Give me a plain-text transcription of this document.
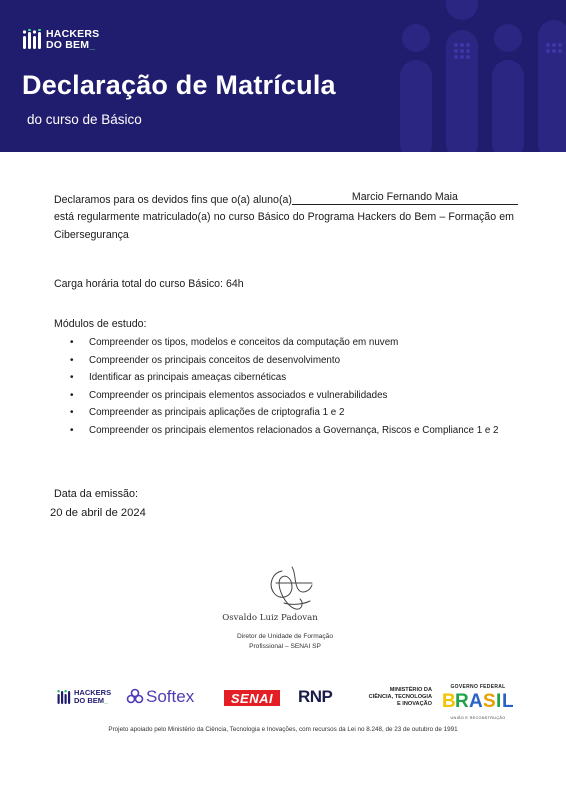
HACKERS
DO BEM_
Declaração de Matrícula
do curso de Básico
Declaramos para os devidos fins que o(a) aluno(a)	Marcio Fernando Maia
está regularmente matriculado(a) no curso Básico do Programa Hackers do Bem – Formação em Cibersegurança
Carga horária total do curso Básico: 64h
Módulos de estudo:
• Compreender os tipos, modelos e conceitos da computação em nuvem
• Compreender os principais conceitos de desenvolvimento
• Identificar as principais ameaças cibernéticas
• Compreender os principais elementos associados e vulnerabilidades
• Compreender as principais aplicações de criptografia 1 e 2
• Compreender os principais elementos relacionados a Governança, Riscos e Compliance 1 e 2
Data da emissão:
20 de abril de 2024
Osvaldo Luiz Padovan
Diretor de Unidade de Formação
Profissional – SENAI SP
HACKERS
DO BEM_ Softex	SENAI	RNP	MINISTÉRIO DA
CIÊNCIA, TECNOLOGIA
E INOVAÇÃO
GOVERNO FEDERAL
B R A S I L
UNIÃO E RECONSTRUÇÃO
Projeto apoiado pelo Ministério da Ciência, Tecnologia e Inovações, com recursos da Lei no 8.248, de 23 de outubro de 1991
